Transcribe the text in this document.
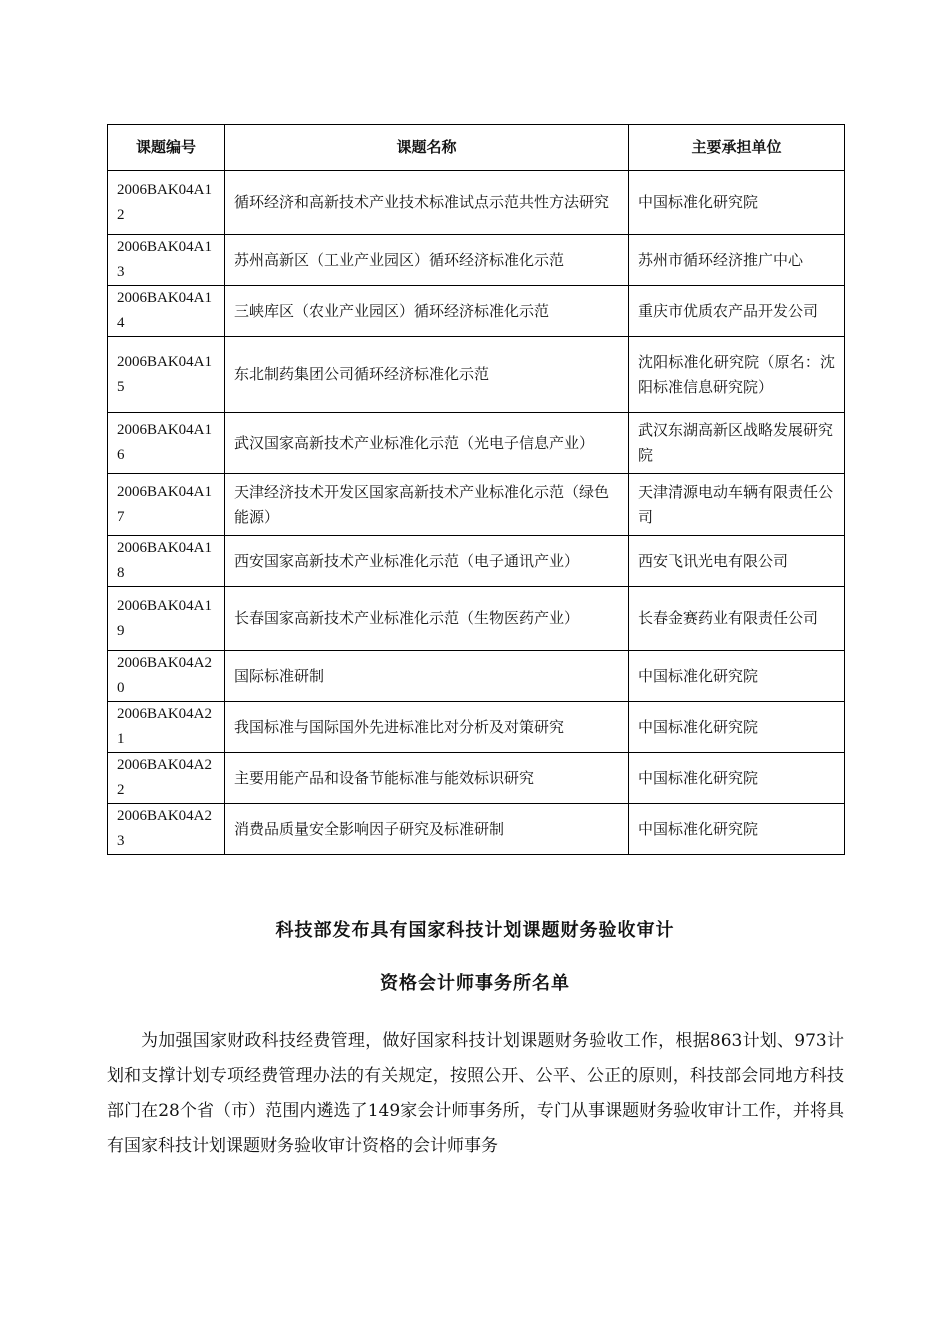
课题编号	课题名称	主要承担单位
2006BAK04A12	循环经济和高新技术产业技术标准试点示范共性方法研究	中国标准化研究院
2006BAK04A13	苏州高新区（工业产业园区）循环经济标准化示范	苏州市循环经济推广中心
2006BAK04A14	三峡库区（农业产业园区）循环经济标准化示范	重庆市优质农产品开发公司
2006BAK04A15	东北制药集团公司循环经济标准化示范	沈阳标准化研究院（原名：沈阳标准信息研究院）
2006BAK04A16	武汉国家高新技术产业标准化示范（光电子信息产业）	武汉东湖高新区战略发展研究院
2006BAK04A17	天津经济技术开发区国家高新技术产业标准化示范（绿色能源）	天津清源电动车辆有限责任公司
2006BAK04A18	西安国家高新技术产业标准化示范（电子通讯产业）	西安飞讯光电有限公司
2006BAK04A19	长春国家高新技术产业标准化示范（生物医药产业）	长春金赛药业有限责任公司
2006BAK04A20	国际标准研制	中国标准化研究院
2006BAK04A21	我国标准与国际国外先进标准比对分析及对策研究	中国标准化研究院
2006BAK04A22	主要用能产品和设备节能标准与能效标识研究	中国标准化研究院
2006BAK04A23	消费品质量安全影响因子研究及标准研制	中国标准化研究院
科技部发布具有国家科技计划课题财务验收审计
资格会计师事务所名单

为加强国家财政科技经费管理，做好国家科技计划课题财务验收工作，根据863计划、973计划和支撑计划专项经费管理办法的有关规定，按照公开、公平、公正的原则，科技部会同地方科技部门在28个省（市）范围内遴选了149家会计师事务所，专门从事课题财务验收审计工作，并将具有国家科技计划课题财务验收审计资格的会计师事务
